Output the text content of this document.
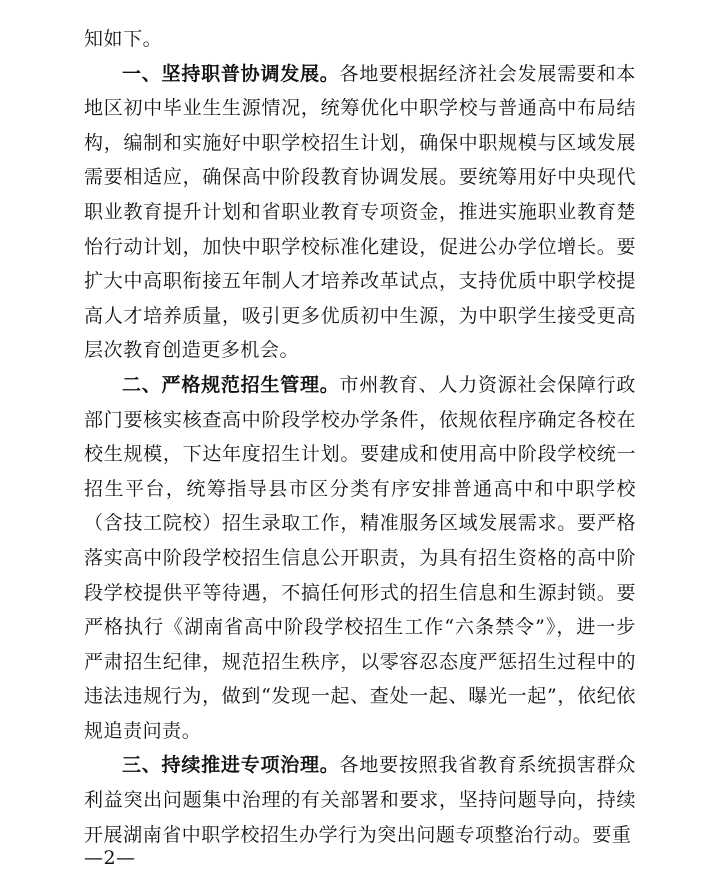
知如下。

一、坚持职普协调发展。各地要根据经济社会发展需要和本地区初中毕业生生源情况，统筹优化中职学校与普通高中布局结构，编制和实施好中职学校招生计划，确保中职规模与区域发展需要相适应，确保高中阶段教育协调发展。要统筹用好中央现代职业教育提升计划和省职业教育专项资金，推进实施职业教育楚怡行动计划，加快中职学校标准化建设，促进公办学位增长。要扩大中高职衔接五年制人才培养改革试点，支持优质中职学校提高人才培养质量，吸引更多优质初中生源，为中职学生接受更高层次教育创造更多机会。

二、严格规范招生管理。市州教育、人力资源社会保障行政部门要核实核查高中阶段学校办学条件，依规依程序确定各校在校生规模，下达年度招生计划。要建成和使用高中阶段学校统一招生平台，统筹指导县市区分类有序安排普通高中和中职学校（含技工院校）招生录取工作，精准服务区域发展需求。要严格落实高中阶段学校招生信息公开职责，为具有招生资格的高中阶段学校提供平等待遇，不搞任何形式的招生信息和生源封锁。要严格执行《湖南省高中阶段学校招生工作“六条禁令”》，进一步严肃招生纪律，规范招生秩序，以零容忍态度严惩招生过程中的违法违规行为，做到“发现一起、查处一起、曝光一起”，依纪依规追责问责。

三、持续推进专项治理。各地要按照我省教育系统损害群众利益突出问题集中治理的有关部署和要求，坚持问题导向，持续开展湖南省中职学校招生办学行为突出问题专项整治行动。要重

—2—
